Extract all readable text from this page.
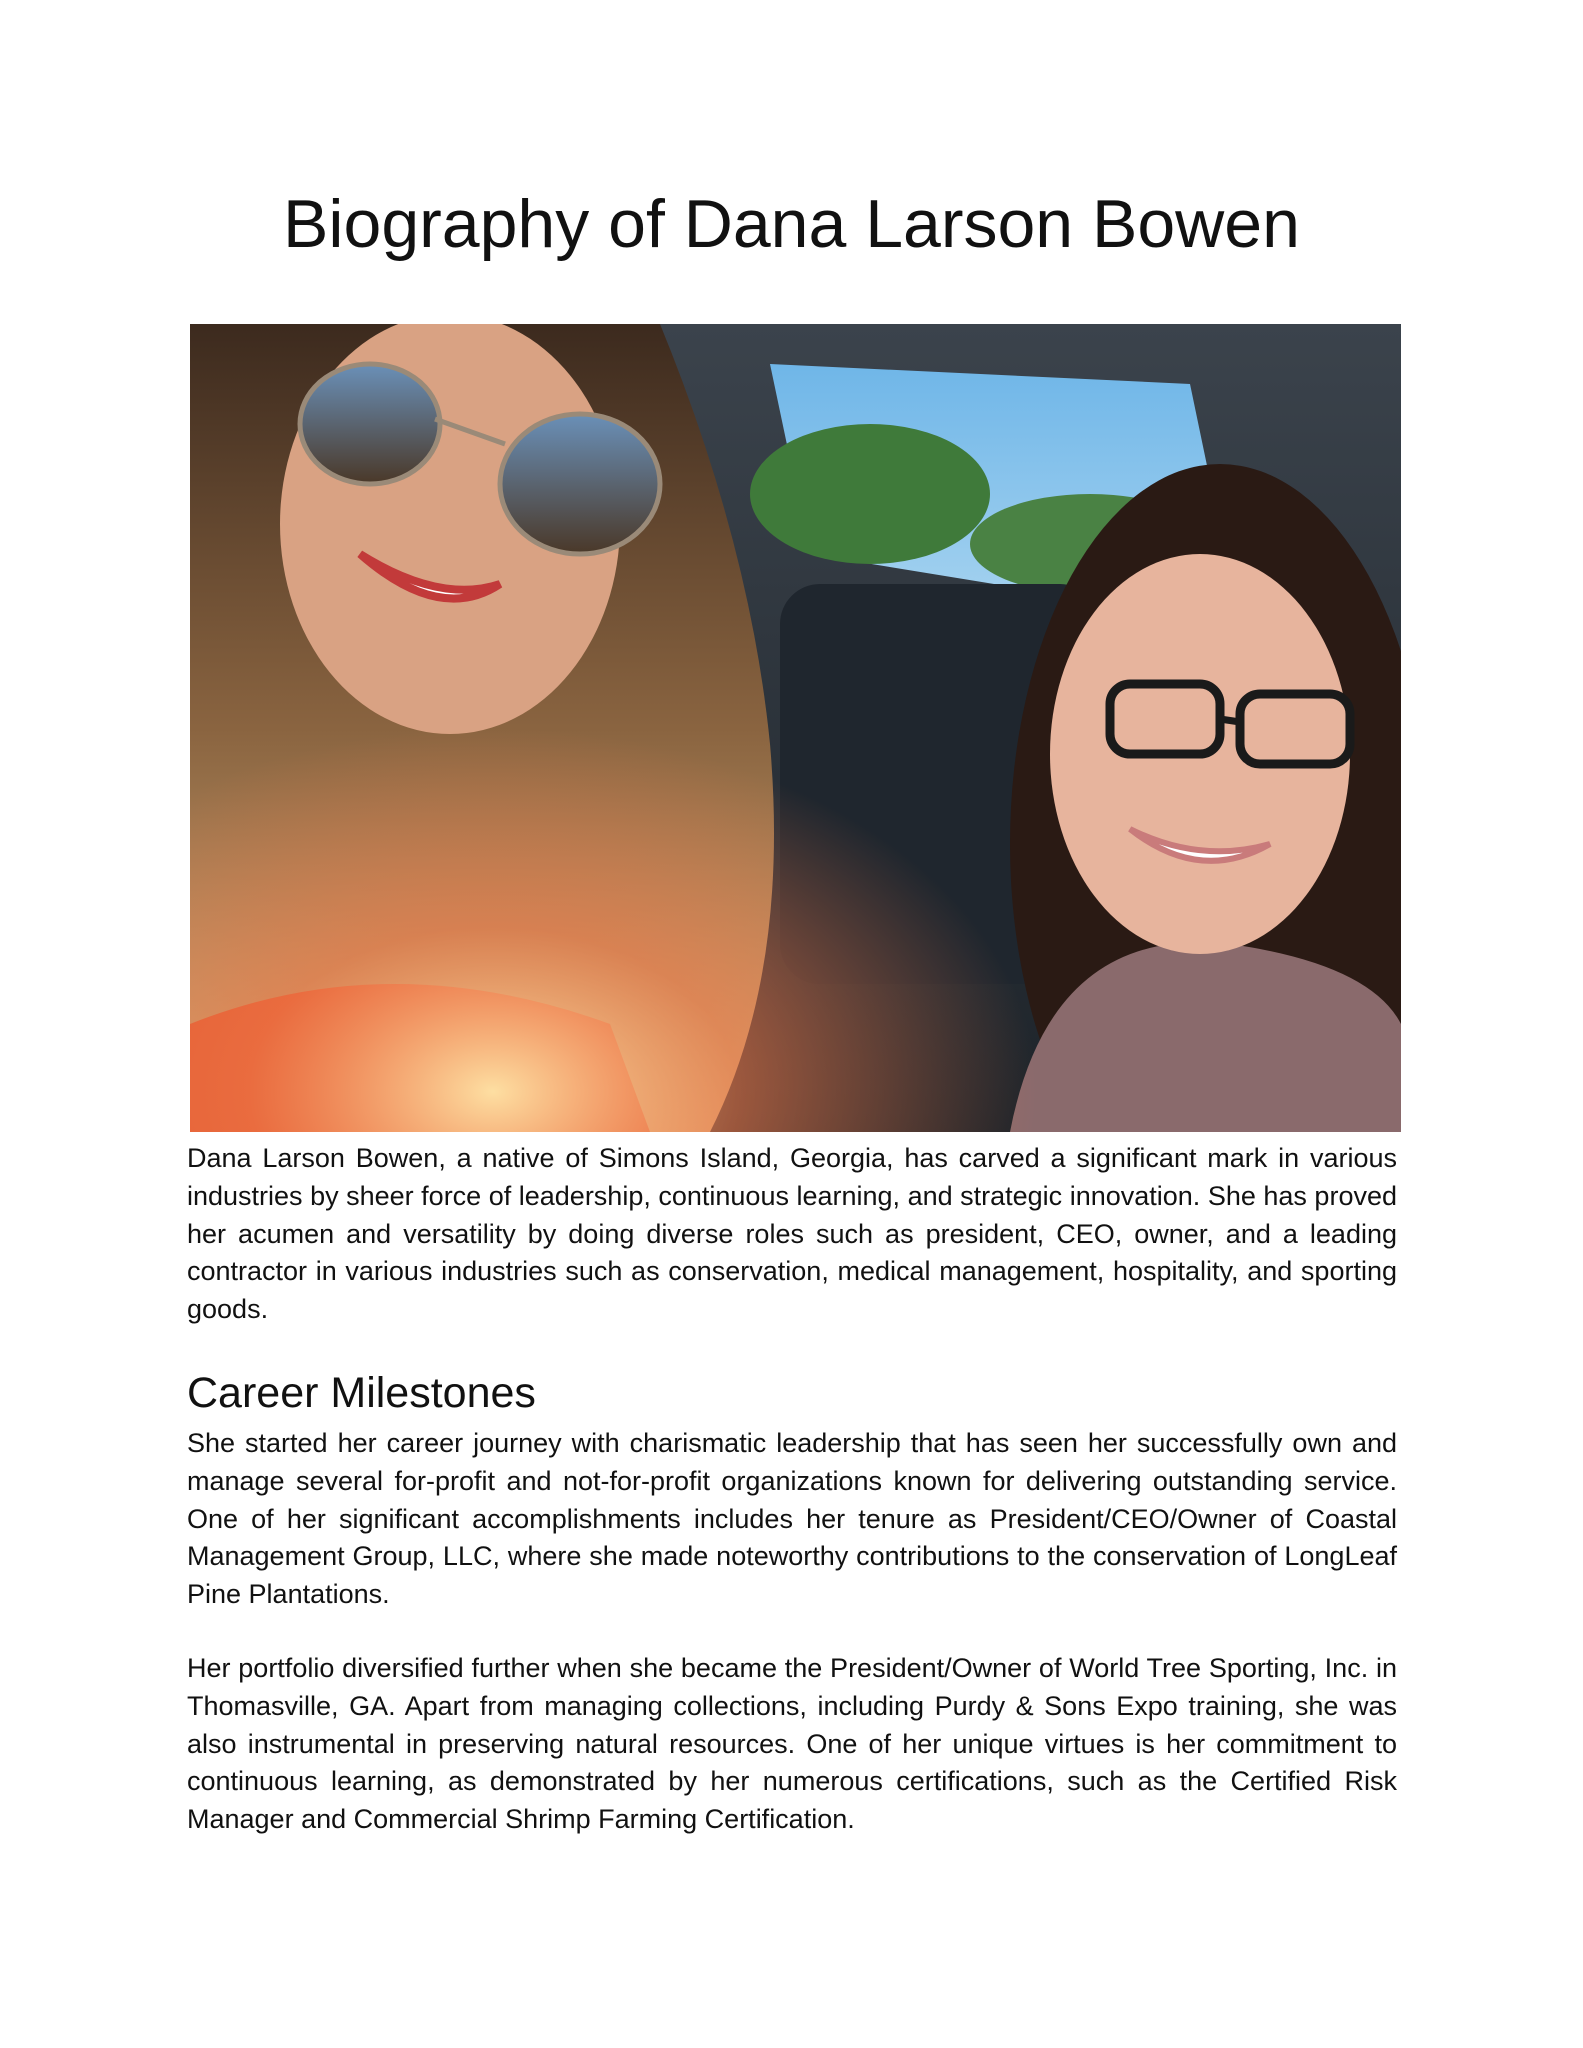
Biography of Dana Larson Bowen

Dana Larson Bowen, a native of Simons Island, Georgia, has carved a significant mark in various industries by sheer force of leadership, continuous learning, and strategic innovation. She has proved her acumen and versatility by doing diverse roles such as president, CEO, owner, and a leading contractor in various industries such as conservation, medical management, hospitality, and sporting goods.

Career Milestones

She started her career journey with charismatic leadership that has seen her successfully own and manage several for-profit and not-for-profit organizations known for delivering outstanding service. One of her significant accomplishments includes her tenure as President/CEO/Owner of Coastal Management Group, LLC, where she made noteworthy contributions to the conservation of LongLeaf Pine Plantations.

Her portfolio diversified further when she became the President/Owner of World Tree Sporting, Inc. in Thomasville, GA. Apart from managing collections, including Purdy & Sons Expo training, she was also instrumental in preserving natural resources. One of her unique virtues is her commitment to continuous learning, as demonstrated by her numerous certifications, such as the Certified Risk Manager and Commercial Shrimp Farming Certification.
